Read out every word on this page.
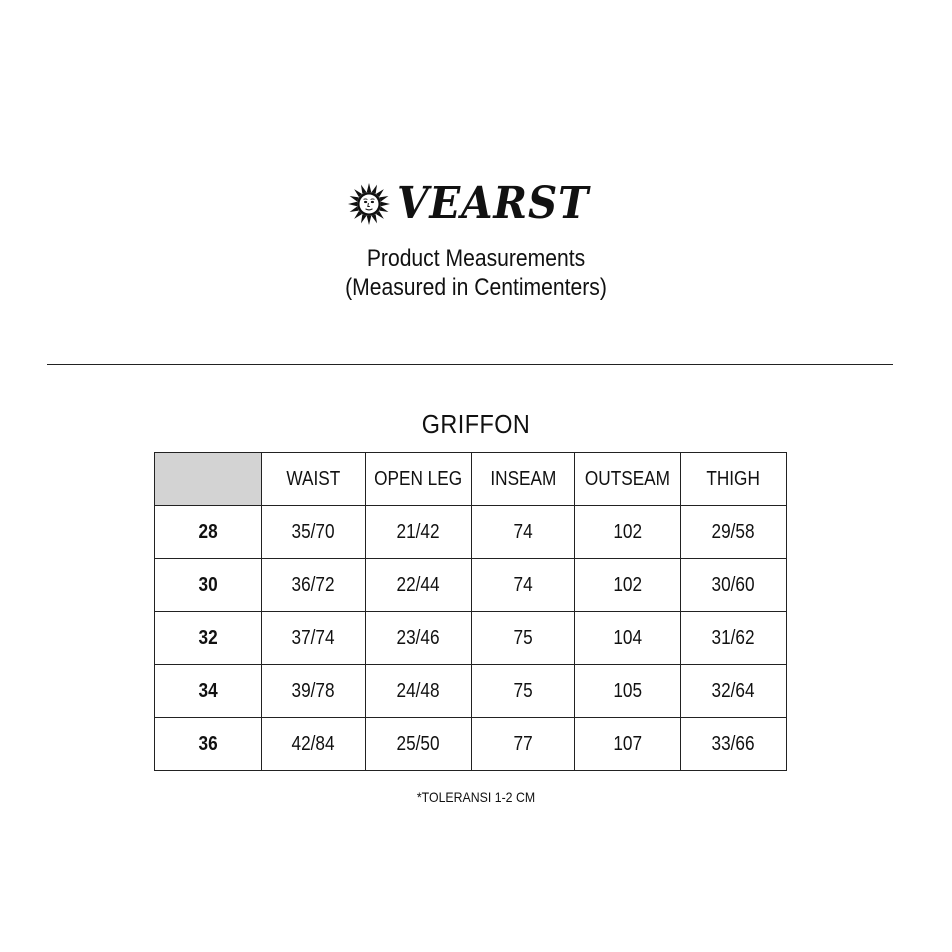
VEARST
Product Measurements
(Measured in Centimenters)
GRIFFON
	WAIST	OPEN LEG	INSEAM	OUTSEAM	THIGH
28	35/70	21/42	74	102	29/58
30	36/72	22/44	74	102	30/60
32	37/74	23/46	75	104	31/62
34	39/78	24/48	75	105	32/64
36	42/84	25/50	77	107	33/66
*TOLERANSI 1-2 CM
